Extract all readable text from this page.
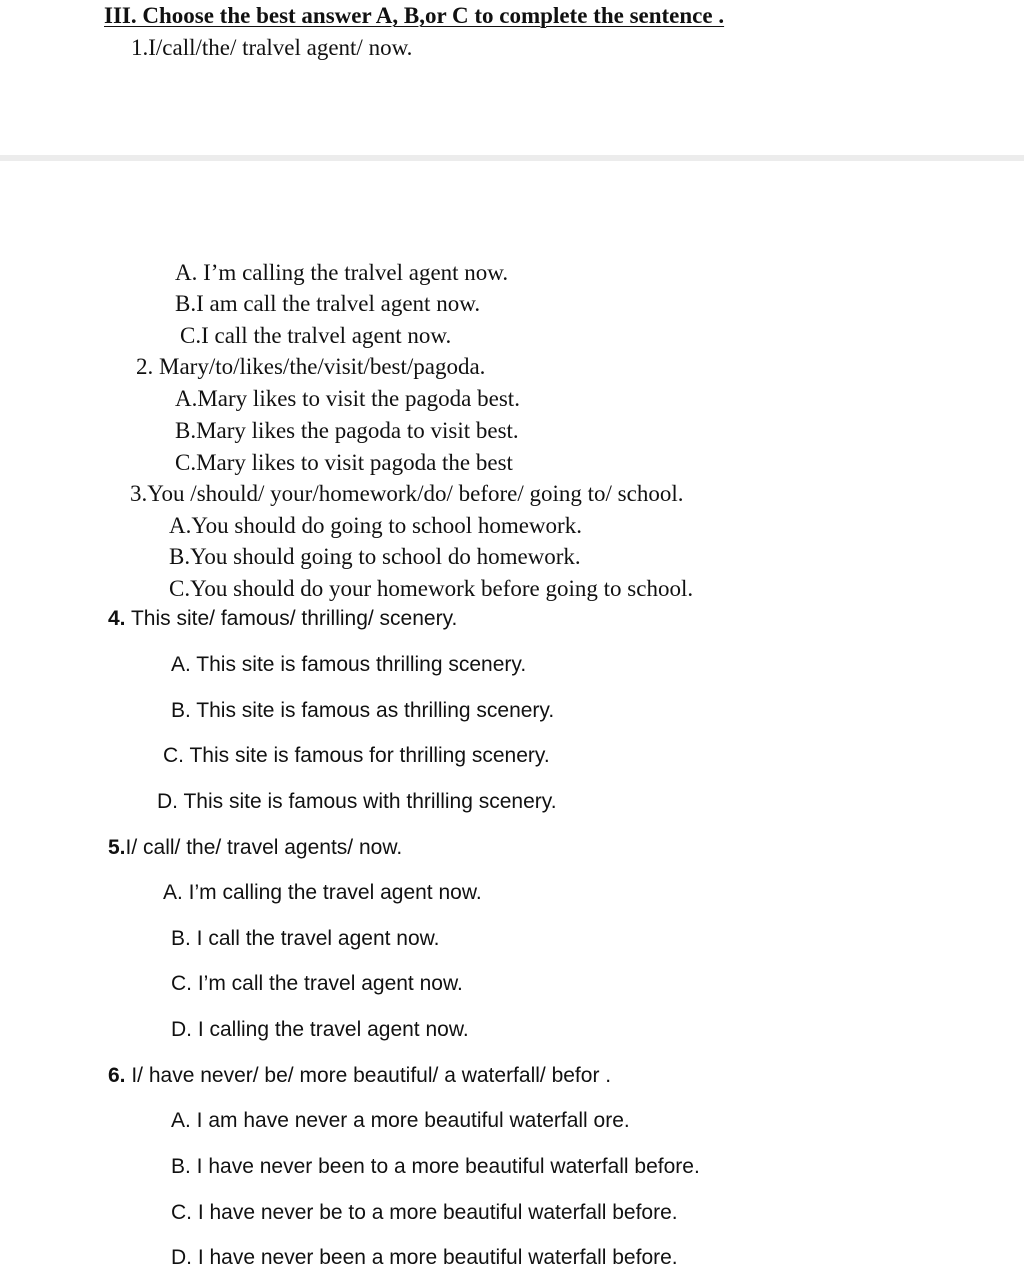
III. Choose the best answer A, B,or C to complete the sentence .
1.I/call/the/ tralvel agent/ now.
A. I’m calling the tralvel agent now.
B.I am call the tralvel agent now.
C.I call the tralvel agent now.
2. Mary/to/likes/the/visit/best/pagoda.
A.Mary likes to visit the pagoda best.
B.Mary likes the pagoda to visit best.
C.Mary likes to visit pagoda the best
3.You /should/ your/homework/do/ before/ going to/ school.
A.You should do going to school homework.
B.You should going to school do homework.
C.You should do your homework before going to school.
4. This site/ famous/ thrilling/ scenery.
A. This site is famous thrilling scenery.
B. This site is famous as thrilling scenery.
C. This site is famous for thrilling scenery.
D. This site is famous with thrilling scenery.
5.I/ call/ the/ travel agents/ now.
A. I’m calling the travel agent now.
B. I call the travel agent now.
C. I’m call the travel agent now.
D. I calling the travel agent now.
6. I/ have never/ be/ more beautiful/ a waterfall/ befor .
A. I am have never a more beautiful waterfall ore.
B. I have never been to a more beautiful waterfall before.
C. I have never be to a more beautiful waterfall before.
D. I have never been a more beautiful waterfall before.
